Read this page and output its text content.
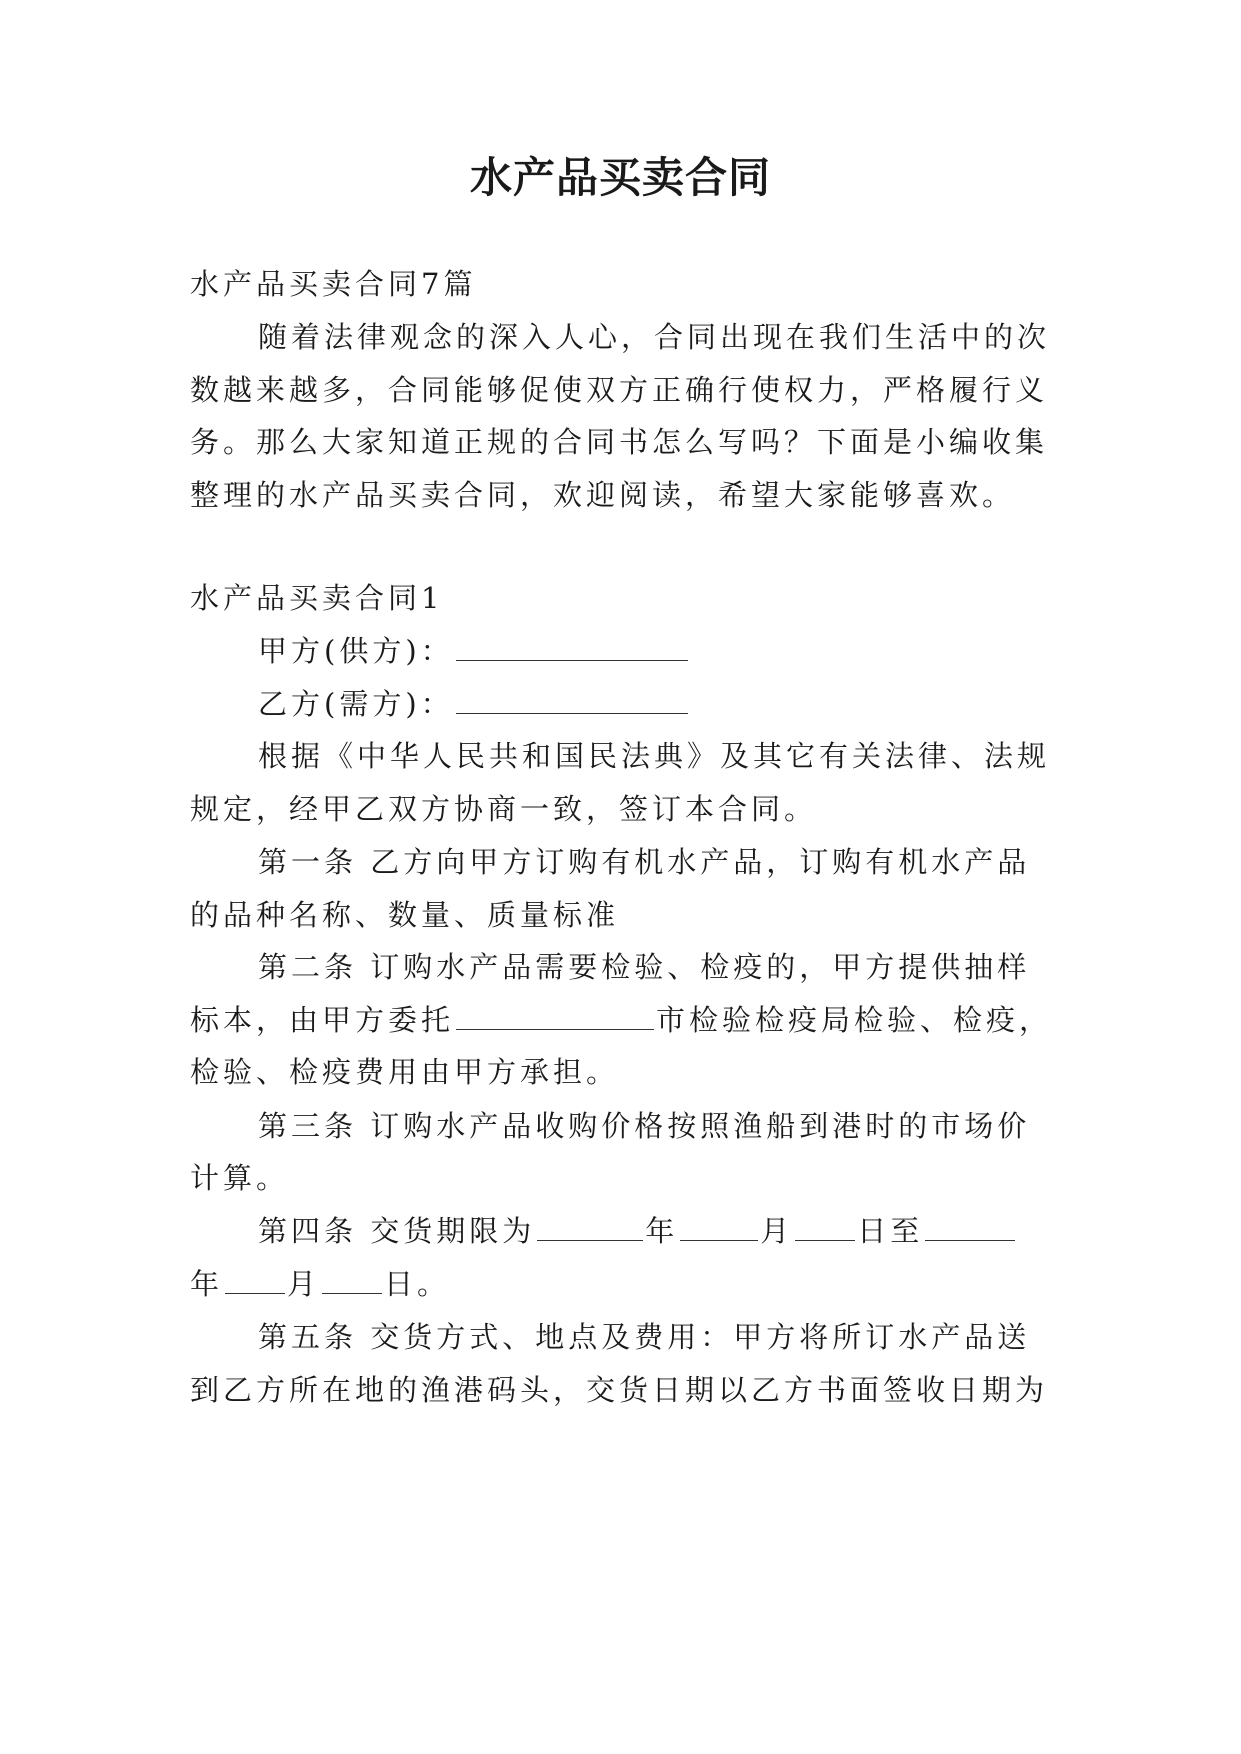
水产品买卖合同
水产品买卖合同7篇
随着法律观念的深入人心，合同出现在我们生活中的次
数越来越多，合同能够促使双方正确行使权力，严格履行义
务。那么大家知道正规的合同书怎么写吗？下面是小编收集
整理的水产品买卖合同，欢迎阅读，希望大家能够喜欢。
水产品买卖合同1
甲方(供方)：
乙方(需方)：
根据《中华人民共和国民法典》及其它有关法律、法规
规定，经甲乙双方协商一致，签订本合同。
第一条 乙方向甲方订购有机水产品，订购有机水产品
的品种名称、数量、质量标准
第二条 订购水产品需要检验、检疫的，甲方提供抽样
标本，由甲方委托	市检验检疫局检验、检疫，
检验、检疫费用由甲方承担。
第三条 订购水产品收购价格按照渔船到港时的市场价
计算。
第四条 交货期限为	年	月 日至
年 月 日。
第五条 交货方式、地点及费用：甲方将所订水产品送
到乙方所在地的渔港码头，交货日期以乙方书面签收日期为
